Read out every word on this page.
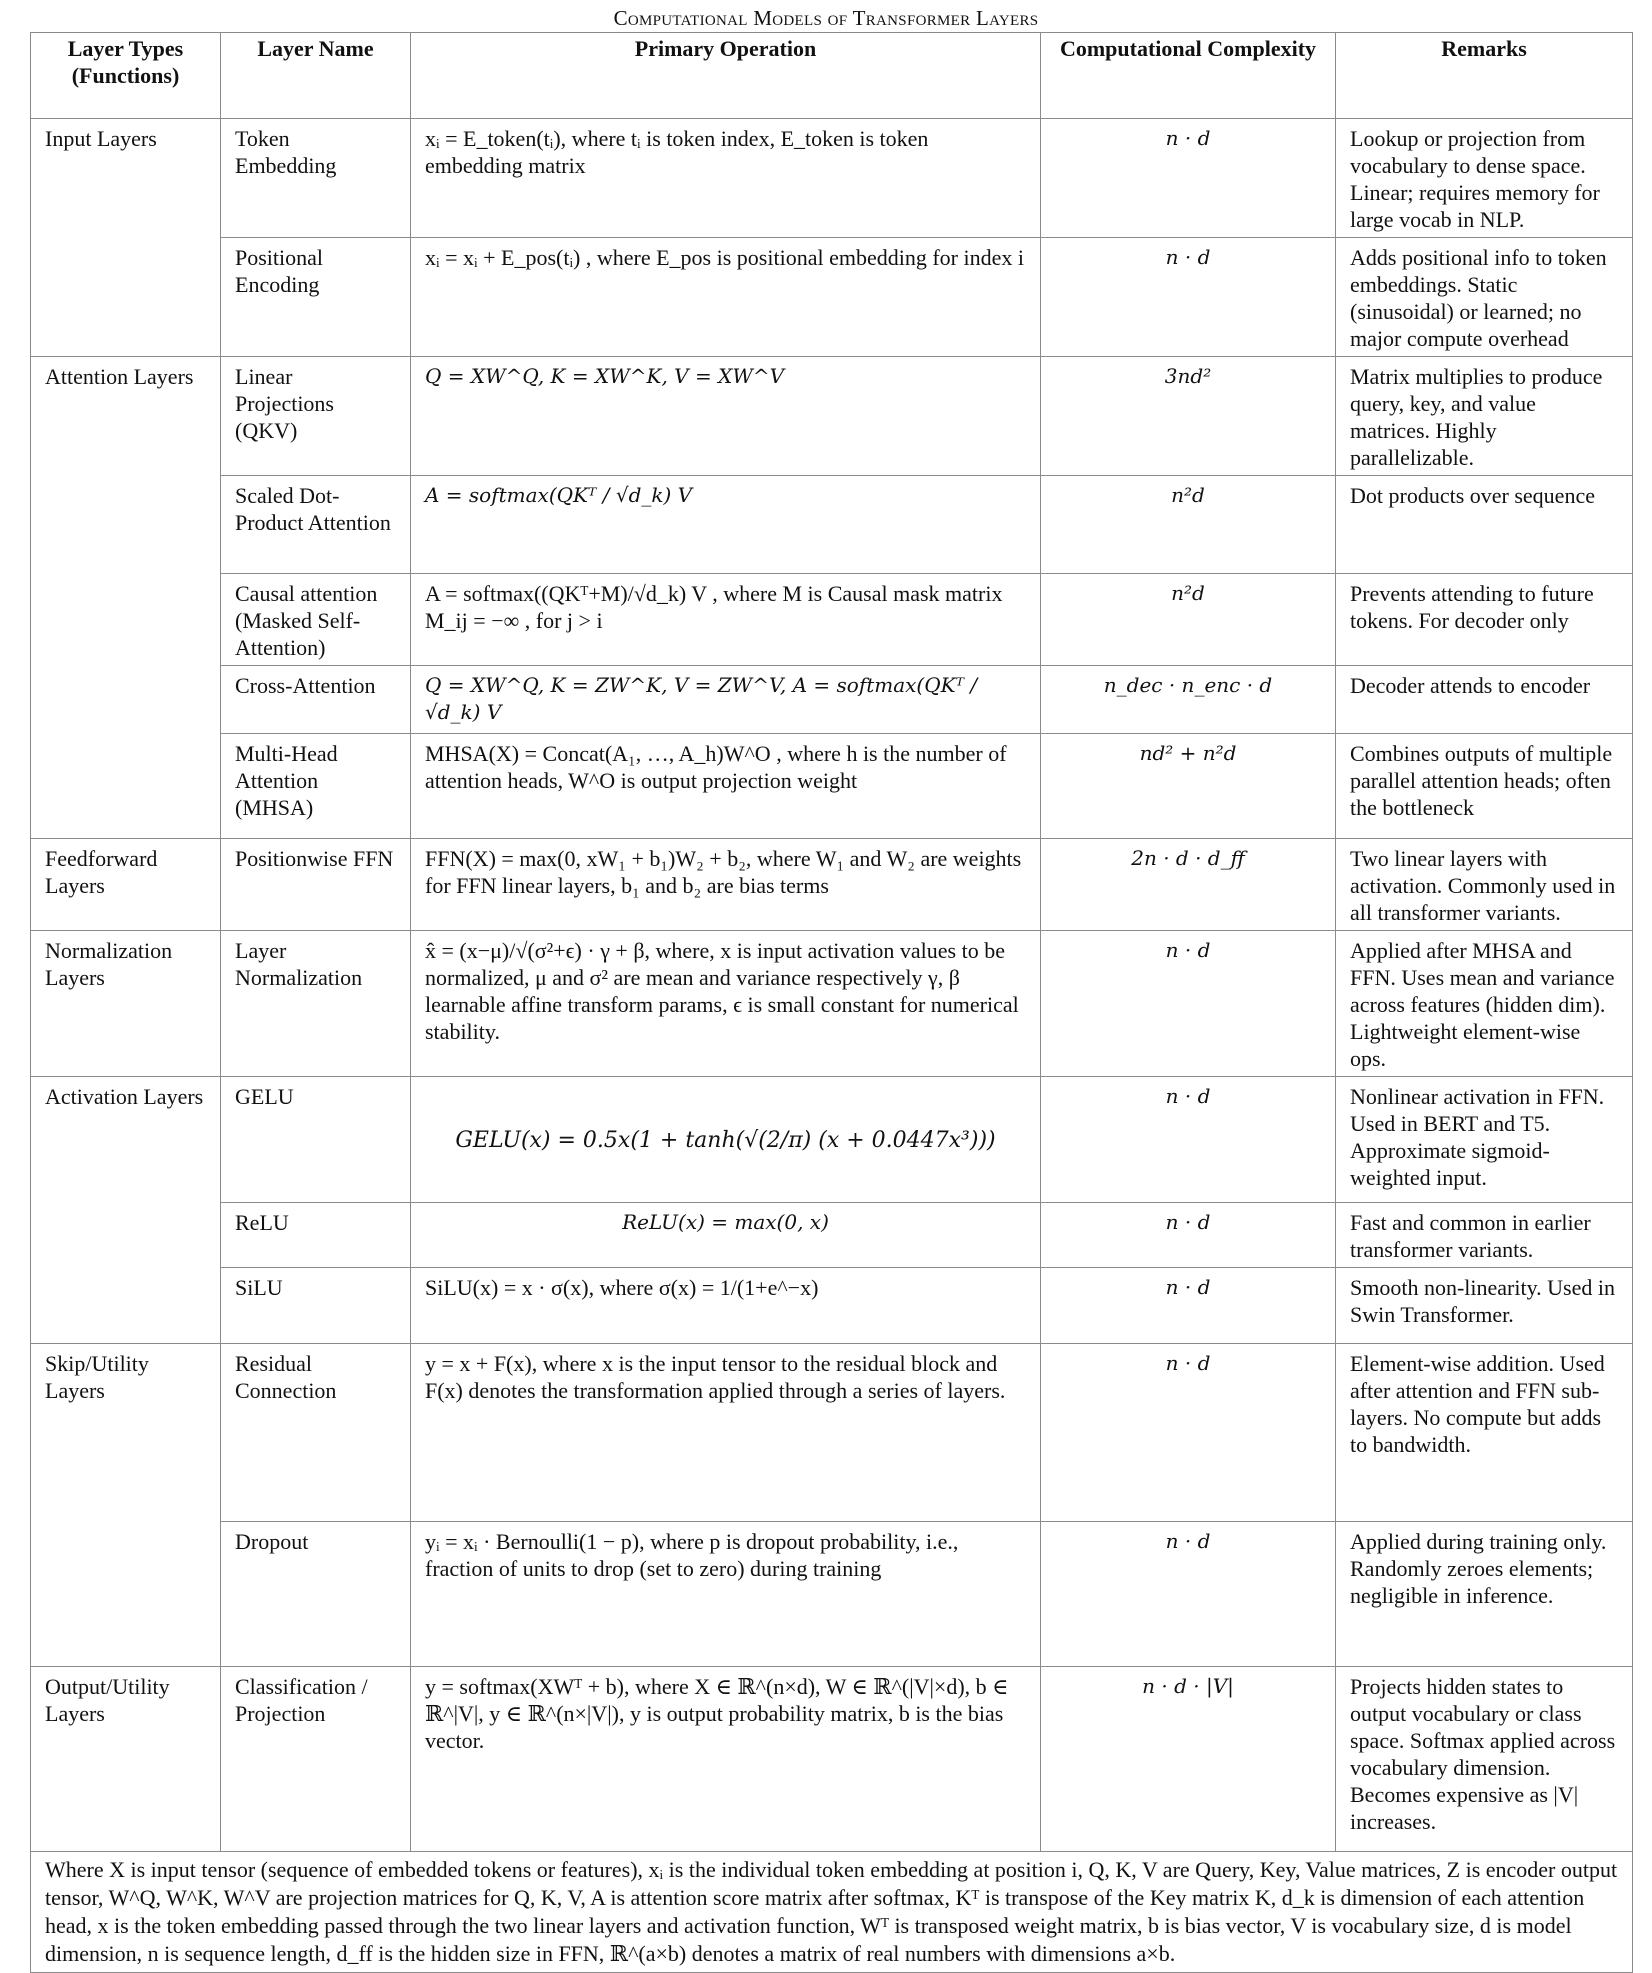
Computational Models of Transformer Layers
Layer Types (Functions)	Layer Name	Primary Operation	Computational Complexity	Remarks
Input Layers	Token Embedding	xᵢ = E_token(tᵢ), where tᵢ is token index, E_token is token embedding matrix	n · d	Lookup or projection from vocabulary to dense space. Linear; requires memory for large vocab in NLP.
	Positional Encoding	xᵢ = xᵢ + E_pos(tᵢ) , where E_pos is positional embedding for index i	n · d	Adds positional info to token embeddings. Static (sinusoidal) or learned; no major compute overhead
Attention Layers	Linear Projections (QKV)	Q = XW^Q, K = XW^K, V = XW^V	3nd²	Matrix multiplies to produce query, key, and value matrices. Highly parallelizable.
	Scaled Dot-Product Attention	A = softmax(QKᵀ / √d_k) V	n²d	Dot products over sequence
	Causal attention (Masked Self-Attention)	A = softmax((QKᵀ+M)/√d_k) V , where M is Causal mask matrix M_ij = −∞ , for j > i	n²d	Prevents attending to future tokens. For decoder only
	Cross-Attention	Q = XW^Q, K = ZW^K, V = ZW^V, A = softmax(QKᵀ / √d_k) V	n_dec · n_enc · d	Decoder attends to encoder
	Multi-Head Attention (MHSA)	MHSA(X) = Concat(A₁, …, A_h)W^O , where h is the number of attention heads, W^O is output projection weight	nd² + n²d	Combines outputs of multiple parallel attention heads; often the bottleneck
Feedforward Layers	Positionwise FFN	FFN(X) = max(0, xW₁ + b₁)W₂ + b₂, where W₁ and W₂ are weights for FFN linear layers, b₁ and b₂ are bias terms	2n · d · d_ff	Two linear layers with activation. Commonly used in all transformer variants.
Normalization Layers	Layer Normalization	x̂ = (x−μ)/√(σ²+ϵ) · γ + β, where, x is input activation values to be normalized, μ and σ² are mean and variance respectively γ, β learnable affine transform params, ϵ is small constant for numerical stability.	n · d	Applied after MHSA and FFN. Uses mean and variance across features (hidden dim). Lightweight element-wise ops.
Activation Layers	GELU	GELU(x) = 0.5x(1 + tanh(√(2/π) (x + 0.0447x³)))	n · d	Nonlinear activation in FFN. Used in BERT and T5. Approximate sigmoid-weighted input.
	ReLU	ReLU(x) = max(0, x)	n · d	Fast and common in earlier transformer variants.
	SiLU	SiLU(x) = x · σ(x), where σ(x) = 1/(1+e^−x)	n · d	Smooth non-linearity. Used in Swin Transformer.
Skip/Utility Layers	Residual Connection	y = x + F(x), where x is the input tensor to the residual block and F(x) denotes the transformation applied through a series of layers.	n · d	Element-wise addition. Used after attention and FFN sub-layers. No compute but adds to bandwidth.
	Dropout	yᵢ = xᵢ · Bernoulli(1 − p), where p is dropout probability, i.e., fraction of units to drop (set to zero) during training	n · d	Applied during training only. Randomly zeroes elements; negligible in inference.
Output/Utility Layers	Classification / Projection	y = softmax(XWᵀ + b), where X ∈ ℝ^(n×d), W ∈ ℝ^(|V|×d), b ∈ ℝ^|V|, y ∈ ℝ^(n×|V|), y is output probability matrix, b is the bias vector.	n · d · |V|	Projects hidden states to output vocabulary or class space. Softmax applied across vocabulary dimension. Becomes expensive as |V| increases.
Where X is input tensor (sequence of embedded tokens or features), xᵢ is the individual token embedding at position i, Q, K, V are Query, Key, Value matrices, Z is encoder output tensor, W^Q, W^K, W^V are projection matrices for Q, K, V, A is attention score matrix after softmax, Kᵀ is transpose of the Key matrix K, d_k is dimension of each attention head, x is the token embedding passed through the two linear layers and activation function, Wᵀ is transposed weight matrix, b is bias vector, V is vocabulary size, d is model dimension, n is sequence length, d_ff is the hidden size in FFN, ℝ^(a×b) denotes a matrix of real numbers with dimensions a×b.				
